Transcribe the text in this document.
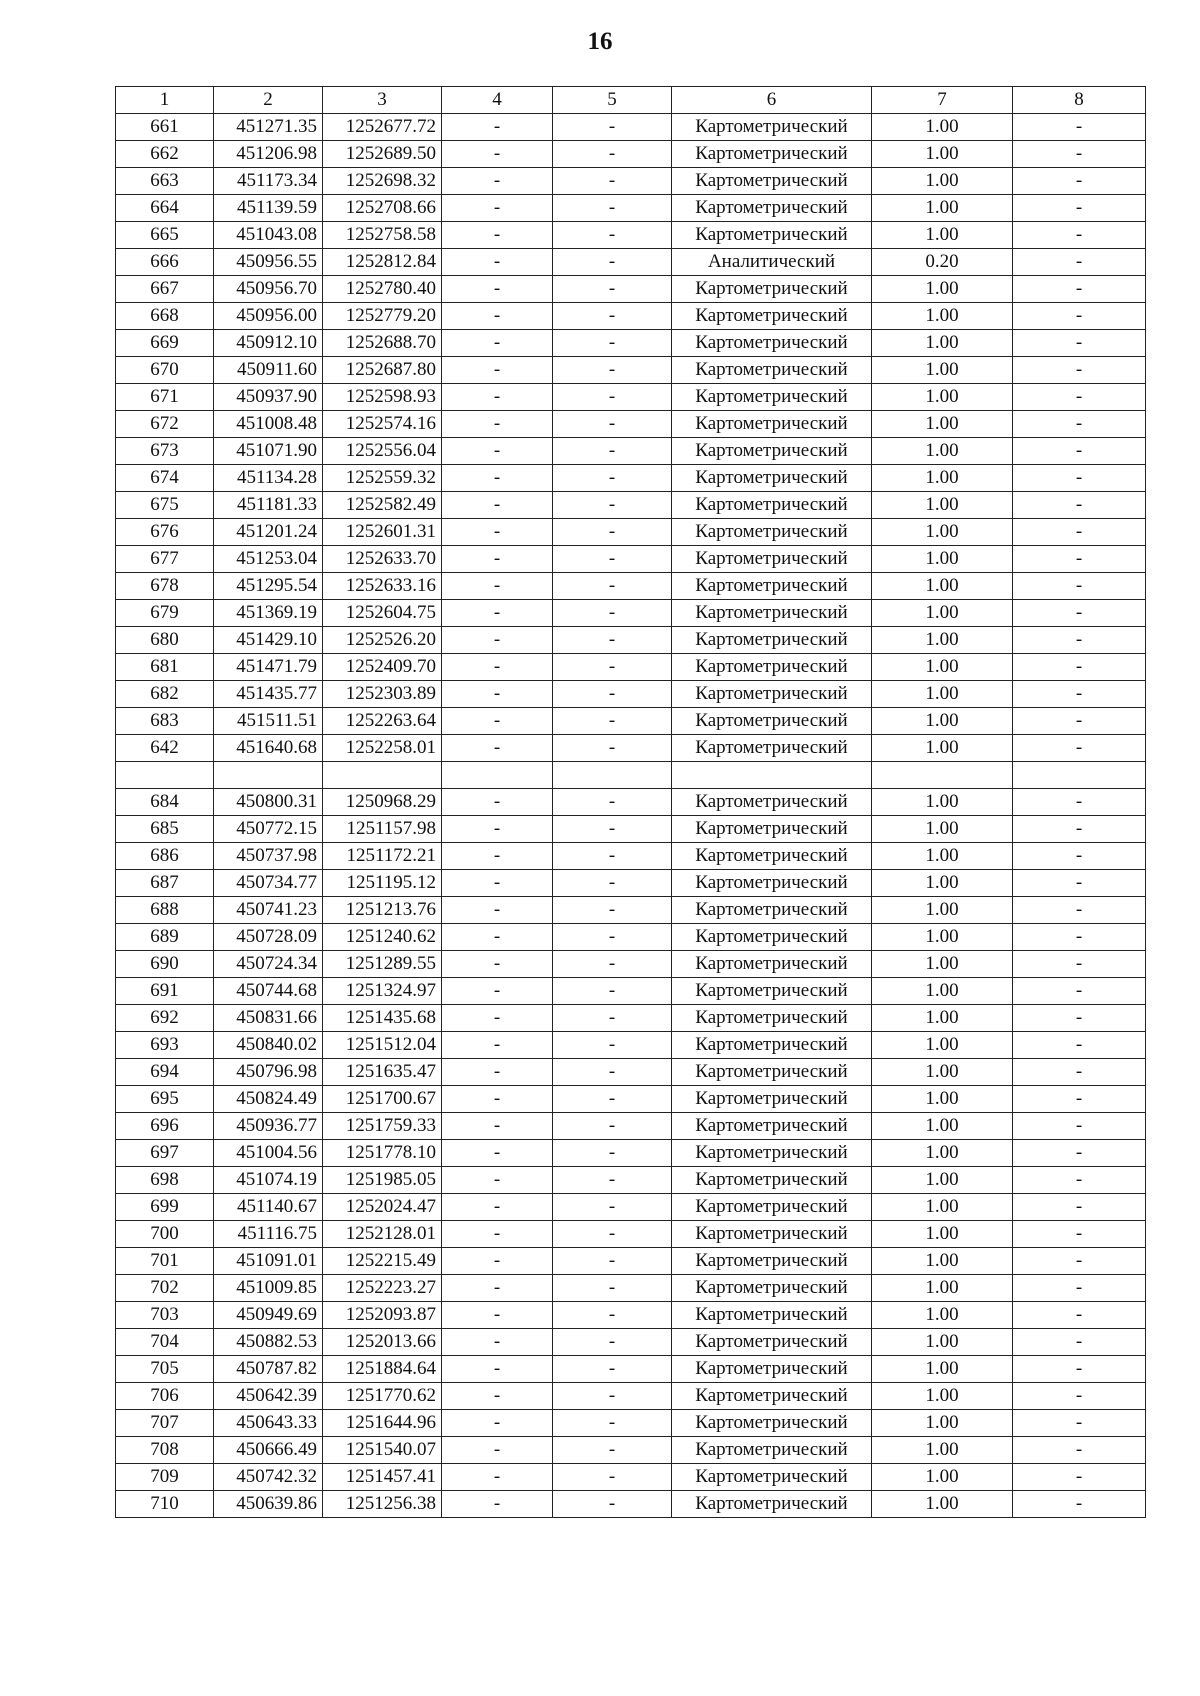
16
1	2	3	4	5	6	7	8
661	451271.35	1252677.72	-	-	Картометрический	1.00	-
662	451206.98	1252689.50	-	-	Картометрический	1.00	-
663	451173.34	1252698.32	-	-	Картометрический	1.00	-
664	451139.59	1252708.66	-	-	Картометрический	1.00	-
665	451043.08	1252758.58	-	-	Картометрический	1.00	-
666	450956.55	1252812.84	-	-	Аналитический	0.20	-
667	450956.70	1252780.40	-	-	Картометрический	1.00	-
668	450956.00	1252779.20	-	-	Картометрический	1.00	-
669	450912.10	1252688.70	-	-	Картометрический	1.00	-
670	450911.60	1252687.80	-	-	Картометрический	1.00	-
671	450937.90	1252598.93	-	-	Картометрический	1.00	-
672	451008.48	1252574.16	-	-	Картометрический	1.00	-
673	451071.90	1252556.04	-	-	Картометрический	1.00	-
674	451134.28	1252559.32	-	-	Картометрический	1.00	-
675	451181.33	1252582.49	-	-	Картометрический	1.00	-
676	451201.24	1252601.31	-	-	Картометрический	1.00	-
677	451253.04	1252633.70	-	-	Картометрический	1.00	-
678	451295.54	1252633.16	-	-	Картометрический	1.00	-
679	451369.19	1252604.75	-	-	Картометрический	1.00	-
680	451429.10	1252526.20	-	-	Картометрический	1.00	-
681	451471.79	1252409.70	-	-	Картометрический	1.00	-
682	451435.77	1252303.89	-	-	Картометрический	1.00	-
683	451511.51	1252263.64	-	-	Картометрический	1.00	-
642	451640.68	1252258.01	-	-	Картометрический	1.00	-

684	450800.31	1250968.29	-	-	Картометрический	1.00	-
685	450772.15	1251157.98	-	-	Картометрический	1.00	-
686	450737.98	1251172.21	-	-	Картометрический	1.00	-
687	450734.77	1251195.12	-	-	Картометрический	1.00	-
688	450741.23	1251213.76	-	-	Картометрический	1.00	-
689	450728.09	1251240.62	-	-	Картометрический	1.00	-
690	450724.34	1251289.55	-	-	Картометрический	1.00	-
691	450744.68	1251324.97	-	-	Картометрический	1.00	-
692	450831.66	1251435.68	-	-	Картометрический	1.00	-
693	450840.02	1251512.04	-	-	Картометрический	1.00	-
694	450796.98	1251635.47	-	-	Картометрический	1.00	-
695	450824.49	1251700.67	-	-	Картометрический	1.00	-
696	450936.77	1251759.33	-	-	Картометрический	1.00	-
697	451004.56	1251778.10	-	-	Картометрический	1.00	-
698	451074.19	1251985.05	-	-	Картометрический	1.00	-
699	451140.67	1252024.47	-	-	Картометрический	1.00	-
700	451116.75	1252128.01	-	-	Картометрический	1.00	-
701	451091.01	1252215.49	-	-	Картометрический	1.00	-
702	451009.85	1252223.27	-	-	Картометрический	1.00	-
703	450949.69	1252093.87	-	-	Картометрический	1.00	-
704	450882.53	1252013.66	-	-	Картометрический	1.00	-
705	450787.82	1251884.64	-	-	Картометрический	1.00	-
706	450642.39	1251770.62	-	-	Картометрический	1.00	-
707	450643.33	1251644.96	-	-	Картометрический	1.00	-
708	450666.49	1251540.07	-	-	Картометрический	1.00	-
709	450742.32	1251457.41	-	-	Картометрический	1.00	-
710	450639.86	1251256.38	-	-	Картометрический	1.00	-
